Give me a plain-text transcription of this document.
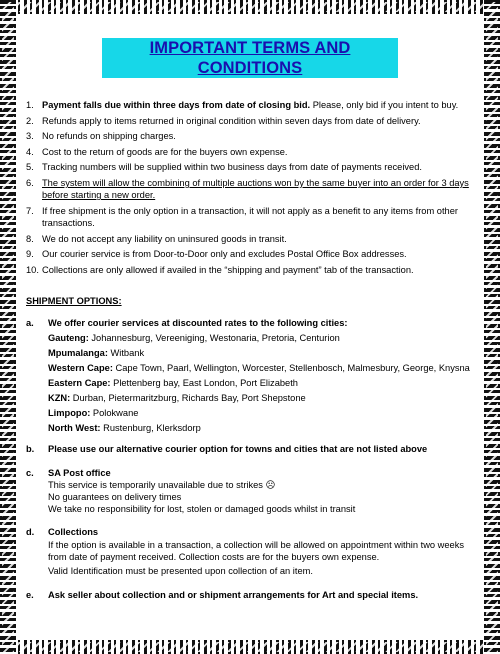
IMPORTANT TERMS AND CONDITIONS
1. Payment falls due within three days from date of closing bid. Please, only bid if you intent to buy.
2. Refunds apply to items returned in original condition within seven days from date of delivery.
3. No refunds on shipping charges.
4. Cost to the return of goods are for the buyers own expense.
5. Tracking numbers will be supplied within two business days from date of payments received.
6. The system will allow the combining of multiple auctions won by the same buyer into an order for 3 days before starting a new order.
7. If free shipment is the only option in a transaction, it will not apply as a benefit to any items from other transactions.
8. We do not accept any liability on uninsured goods in transit.
9. Our courier service is from Door-to-Door only and excludes Postal Office Box addresses.
10. Collections are only allowed if availed in the “shipping and payment” tab of the transaction.
SHIPMENT OPTIONS:
a. We offer courier services at discounted rates to the following cities:
Gauteng: Johannesburg, Vereeniging, Westonaria, Pretoria, Centurion
Mpumalanga: Witbank
Western Cape: Cape Town, Paarl, Wellington, Worcester, Stellenbosch, Malmesbury, George, Knysna
Eastern Cape: Plettenberg bay, East London, Port Elizabeth
KZN: Durban, Pietermaritzburg, Richards Bay, Port Shepstone
Limpopo: Polokwane
North West: Rustenburg, Klerksdorp
b. Please use our alternative courier option for towns and cities that are not listed above
c. SA Post office
This service is temporarily unavailable due to strikes ☹
No guarantees on delivery times
We take no responsibility for lost, stolen or damaged goods whilst in transit
d. Collections
If the option is available in a transaction, a collection will be allowed on appointment within two weeks from date of payment received. Collection costs are for the buyers own expense.
Valid Identification must be presented upon collection of an item.
e. Ask seller about collection and or shipment arrangements for Art and special items.
